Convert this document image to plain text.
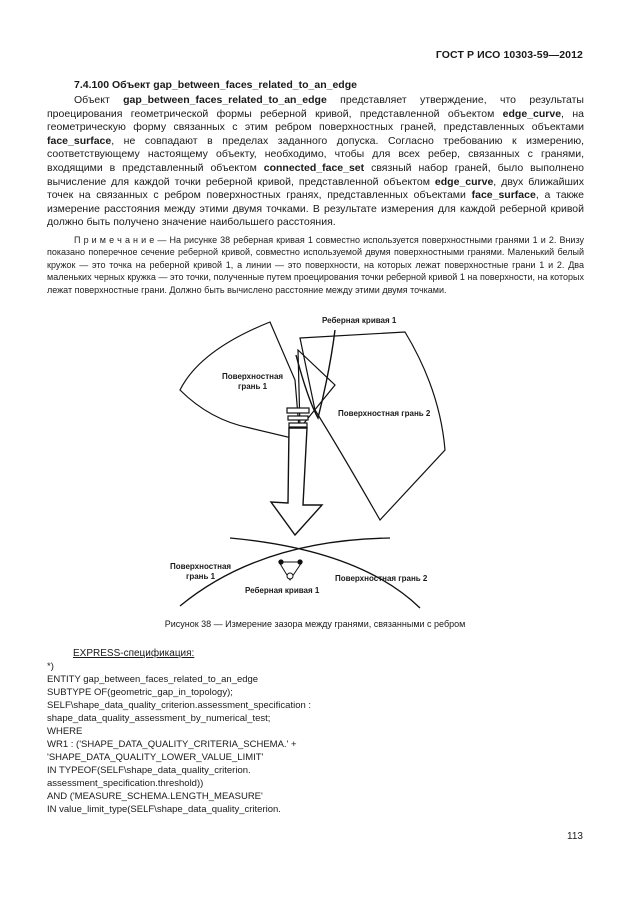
ГОСТ Р ИСО 10303-59—2012
7.4.100 Объект gap_between_faces_related_to_an_edge
Объект gap_between_faces_related_to_an_edge представляет утверждение, что результаты проецирования геометрической формы реберной кривой, представленной объектом edge_curve, на геометрическую форму связанных с этим ребром поверхностных граней, представленных объектами face_surface, не совпадают в пределах заданного допуска. Согласно требованию к измерению, соответствующему настоящему объекту, необходимо, чтобы для всех ребер, связанных с гранями, входящими в представленный объектом connected_face_set связный набор граней, было выполнено вычисление для каждой точки реберной кривой, представленной объектом edge_curve, двух ближайших точек на связанных с ребром поверхностных гранях, представленных объектами face_surface, а также измерение расстояния между этими двумя точками. В результате измерения для каждой реберной кривой должно быть получено значение наибольшего расстояния.
П р и м е ч а н и е — На рисунке 38 реберная кривая 1 совместно используется поверхностными гранями 1 и 2. Внизу показано поперечное сечение реберной кривой, совместно используемой двумя поверхностными гранями. Маленький белый кружок — это точка на реберной кривой 1, а линии — это поверхности, на которых лежат поверхностные грани 1 и 2. Два маленьких черных кружка — это точки, полученные путем проецирования точки реберной кривой 1 на поверхности, на которых лежат поверхностные грани. Должно быть вычислено расстояние между этими двумя точками.
Реберная кривая 1
Поверхностная
грань 1
Поверхностная грань 2
Поверхностная
грань 1	Поверхностная грань 2
Реберная кривая 1
Рисунок 38 — Измерение зазора между гранями, связанными с ребром
EXPRESS-спецификация:
*)
ENTITY gap_between_faces_related_to_an_edge
SUBTYPE OF(geometric_gap_in_topology);
SELF\shape_data_quality_criterion.assessment_specification :
shape_data_quality_assessment_by_numerical_test;
WHERE
WR1 : ('SHAPE_DATA_QUALITY_CRITERIA_SCHEMA.' +
'SHAPE_DATA_QUALITY_LOWER_VALUE_LIMIT'
IN TYPEOF(SELF\shape_data_quality_criterion.
assessment_specification.threshold))
AND ('MEASURE_SCHEMA.LENGTH_MEASURE'
IN value_limit_type(SELF\shape_data_quality_criterion.
113
